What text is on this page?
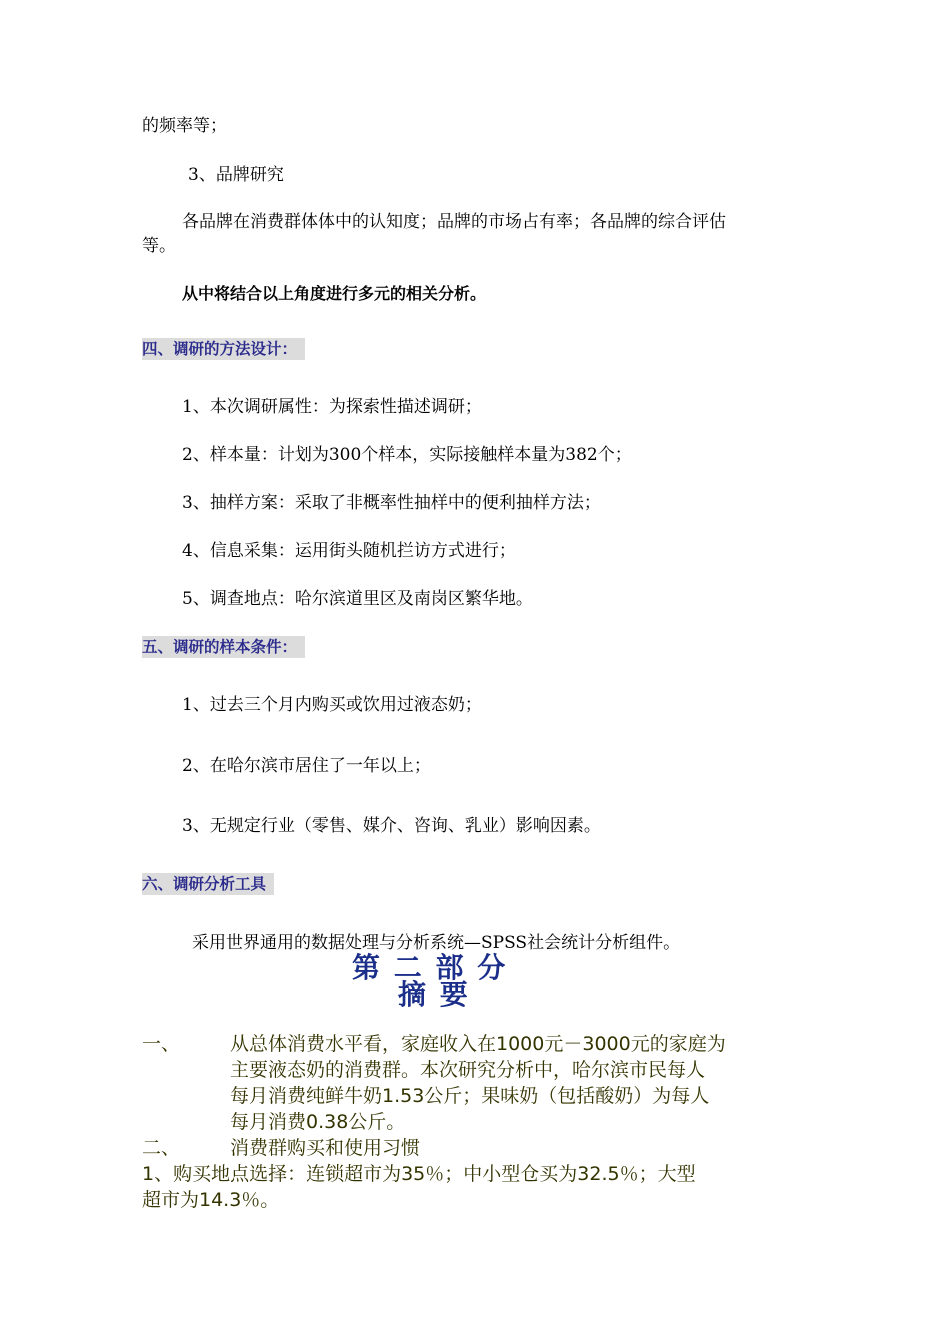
的频率等；
3、品牌研究
各品牌在消费群体体中的认知度；品牌的市场占有率；各品牌的综合评估
等。
从中将结合以上角度进行多元的相关分析。
四、调研的方法设计：
1、本次调研属性：为探索性描述调研；
2、样本量：计划为300个样本，实际接触样本量为382个；
3、抽样方案：采取了非概率性抽样中的便利抽样方法；
4、信息采集：运用街头随机拦访方式进行；
5、调查地点：哈尔滨道里区及南岗区繁华地。
五、调研的样本条件：
1、过去三个月内购买或饮用过液态奶；
2、在哈尔滨市居住了一年以上；
3、无规定行业（零售、媒介、咨询、乳业）影响因素。
六、调研分析工具
采用世界通用的数据处理与分析系统—SPSS社会统计分析组件。
第 二 部 分
摘 要
一、	从总体消费水平看，家庭收入在1000元－3000元的家庭为
主要液态奶的消费群。本次研究分析中，哈尔滨市民每人
每月消费纯鲜牛奶1.53公斤；果味奶（包括酸奶）为每人
每月消费0.38公斤。
二、	消费群购买和使用习惯
1、购买地点选择：连锁超市为35％；中小型仓买为32.5％；大型
超市为14.3％。
